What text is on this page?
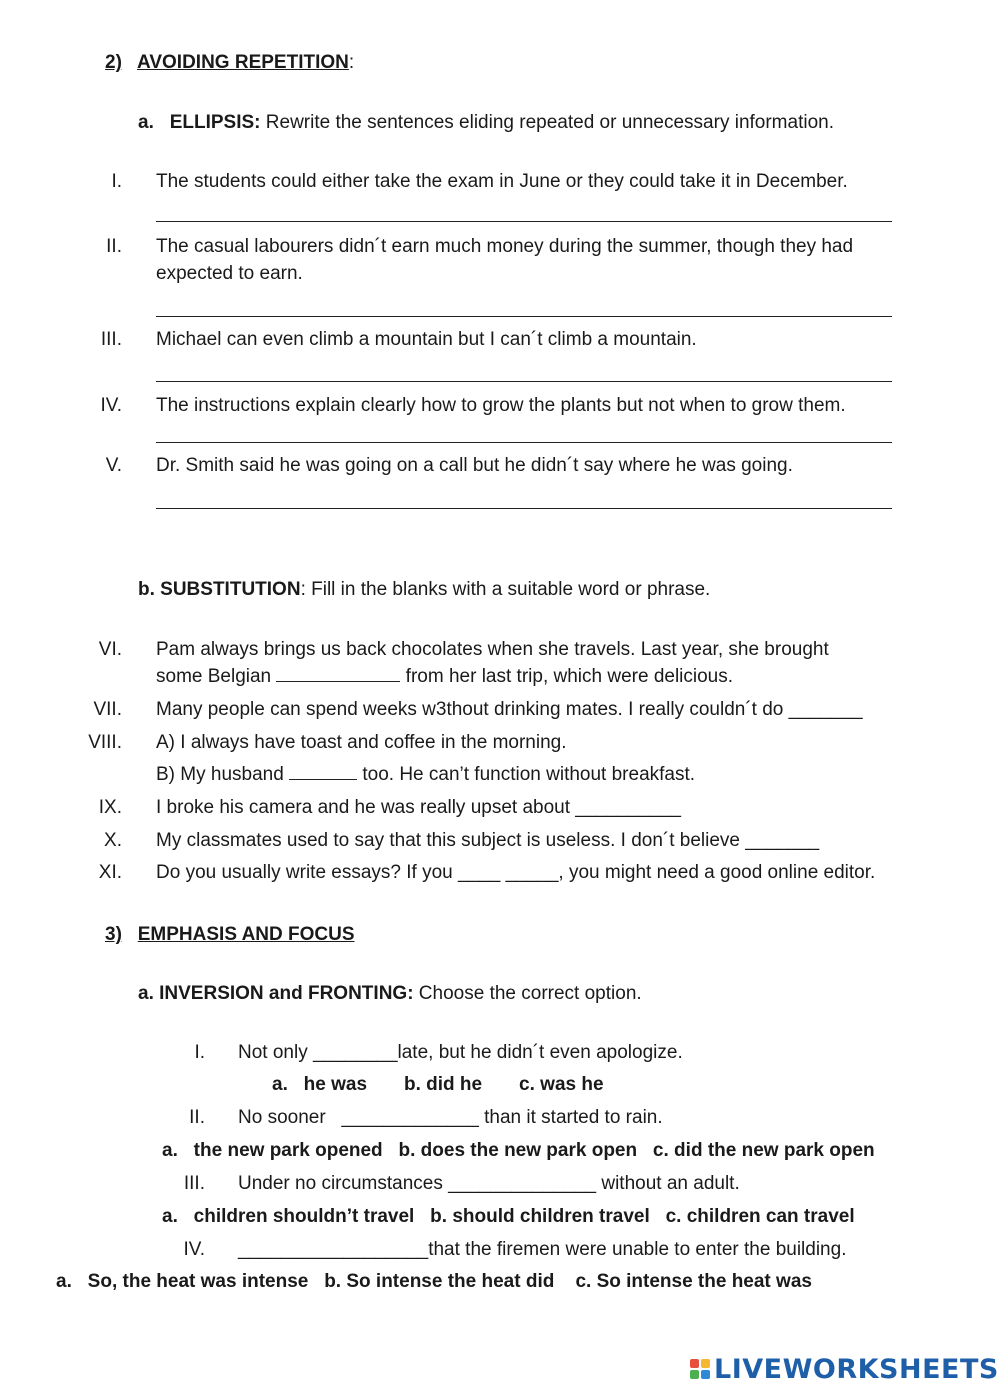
2) AVOIDING REPETITION:
a. ELLIPSIS: Rewrite the sentences eliding repeated or unnecessary information.
I. The students could either take the exam in June or they could take it in December.
II. The casual labourers didn´t earn much money during the summer, though they had
expected to earn.
III. Michael can even climb a mountain but I can´t climb a mountain.
IV. The instructions explain clearly how to grow the plants but not when to grow them.
V. Dr. Smith said he was going on a call but he didn´t say where he was going.
b. SUBSTITUTION: Fill in the blanks with a suitable word or phrase.
VI. Pam always brings us back chocolates when she travels. Last year, she brought
some Belgian	from her last trip, which were delicious.
VII. Many people can spend weeks w3thout drinking mates. I really couldn´t do _______
VIII. A) I always have toast and coffee in the morning.
B) My husband	too. He can’t function without breakfast.
IX. I broke his camera and he was really upset about __________
X. My classmates used to say that this subject is useless. I don´t believe _______
XI. Do you usually write essays? If you ____ _____, you might need a good online editor.
3) EMPHASIS AND FOCUS
a. INVERSION and FRONTING: Choose the correct option.
I. Not only ________late, but he didn´t even apologize.
a.   he was       b. did he       c. was he
II. No sooner   _____________ than it started to rain.
a.   the new park opened   b. does the new park open   c. did the new park open
III. Under no circumstances ______________ without an adult.
a.   children shouldn’t travel   b. should children travel   c. children can travel
IV. __________________that the firemen were unable to enter the building.
a.   So, the heat was intense   b. So intense the heat did    c. So intense the heat was
LIVEWORKSHEETS
